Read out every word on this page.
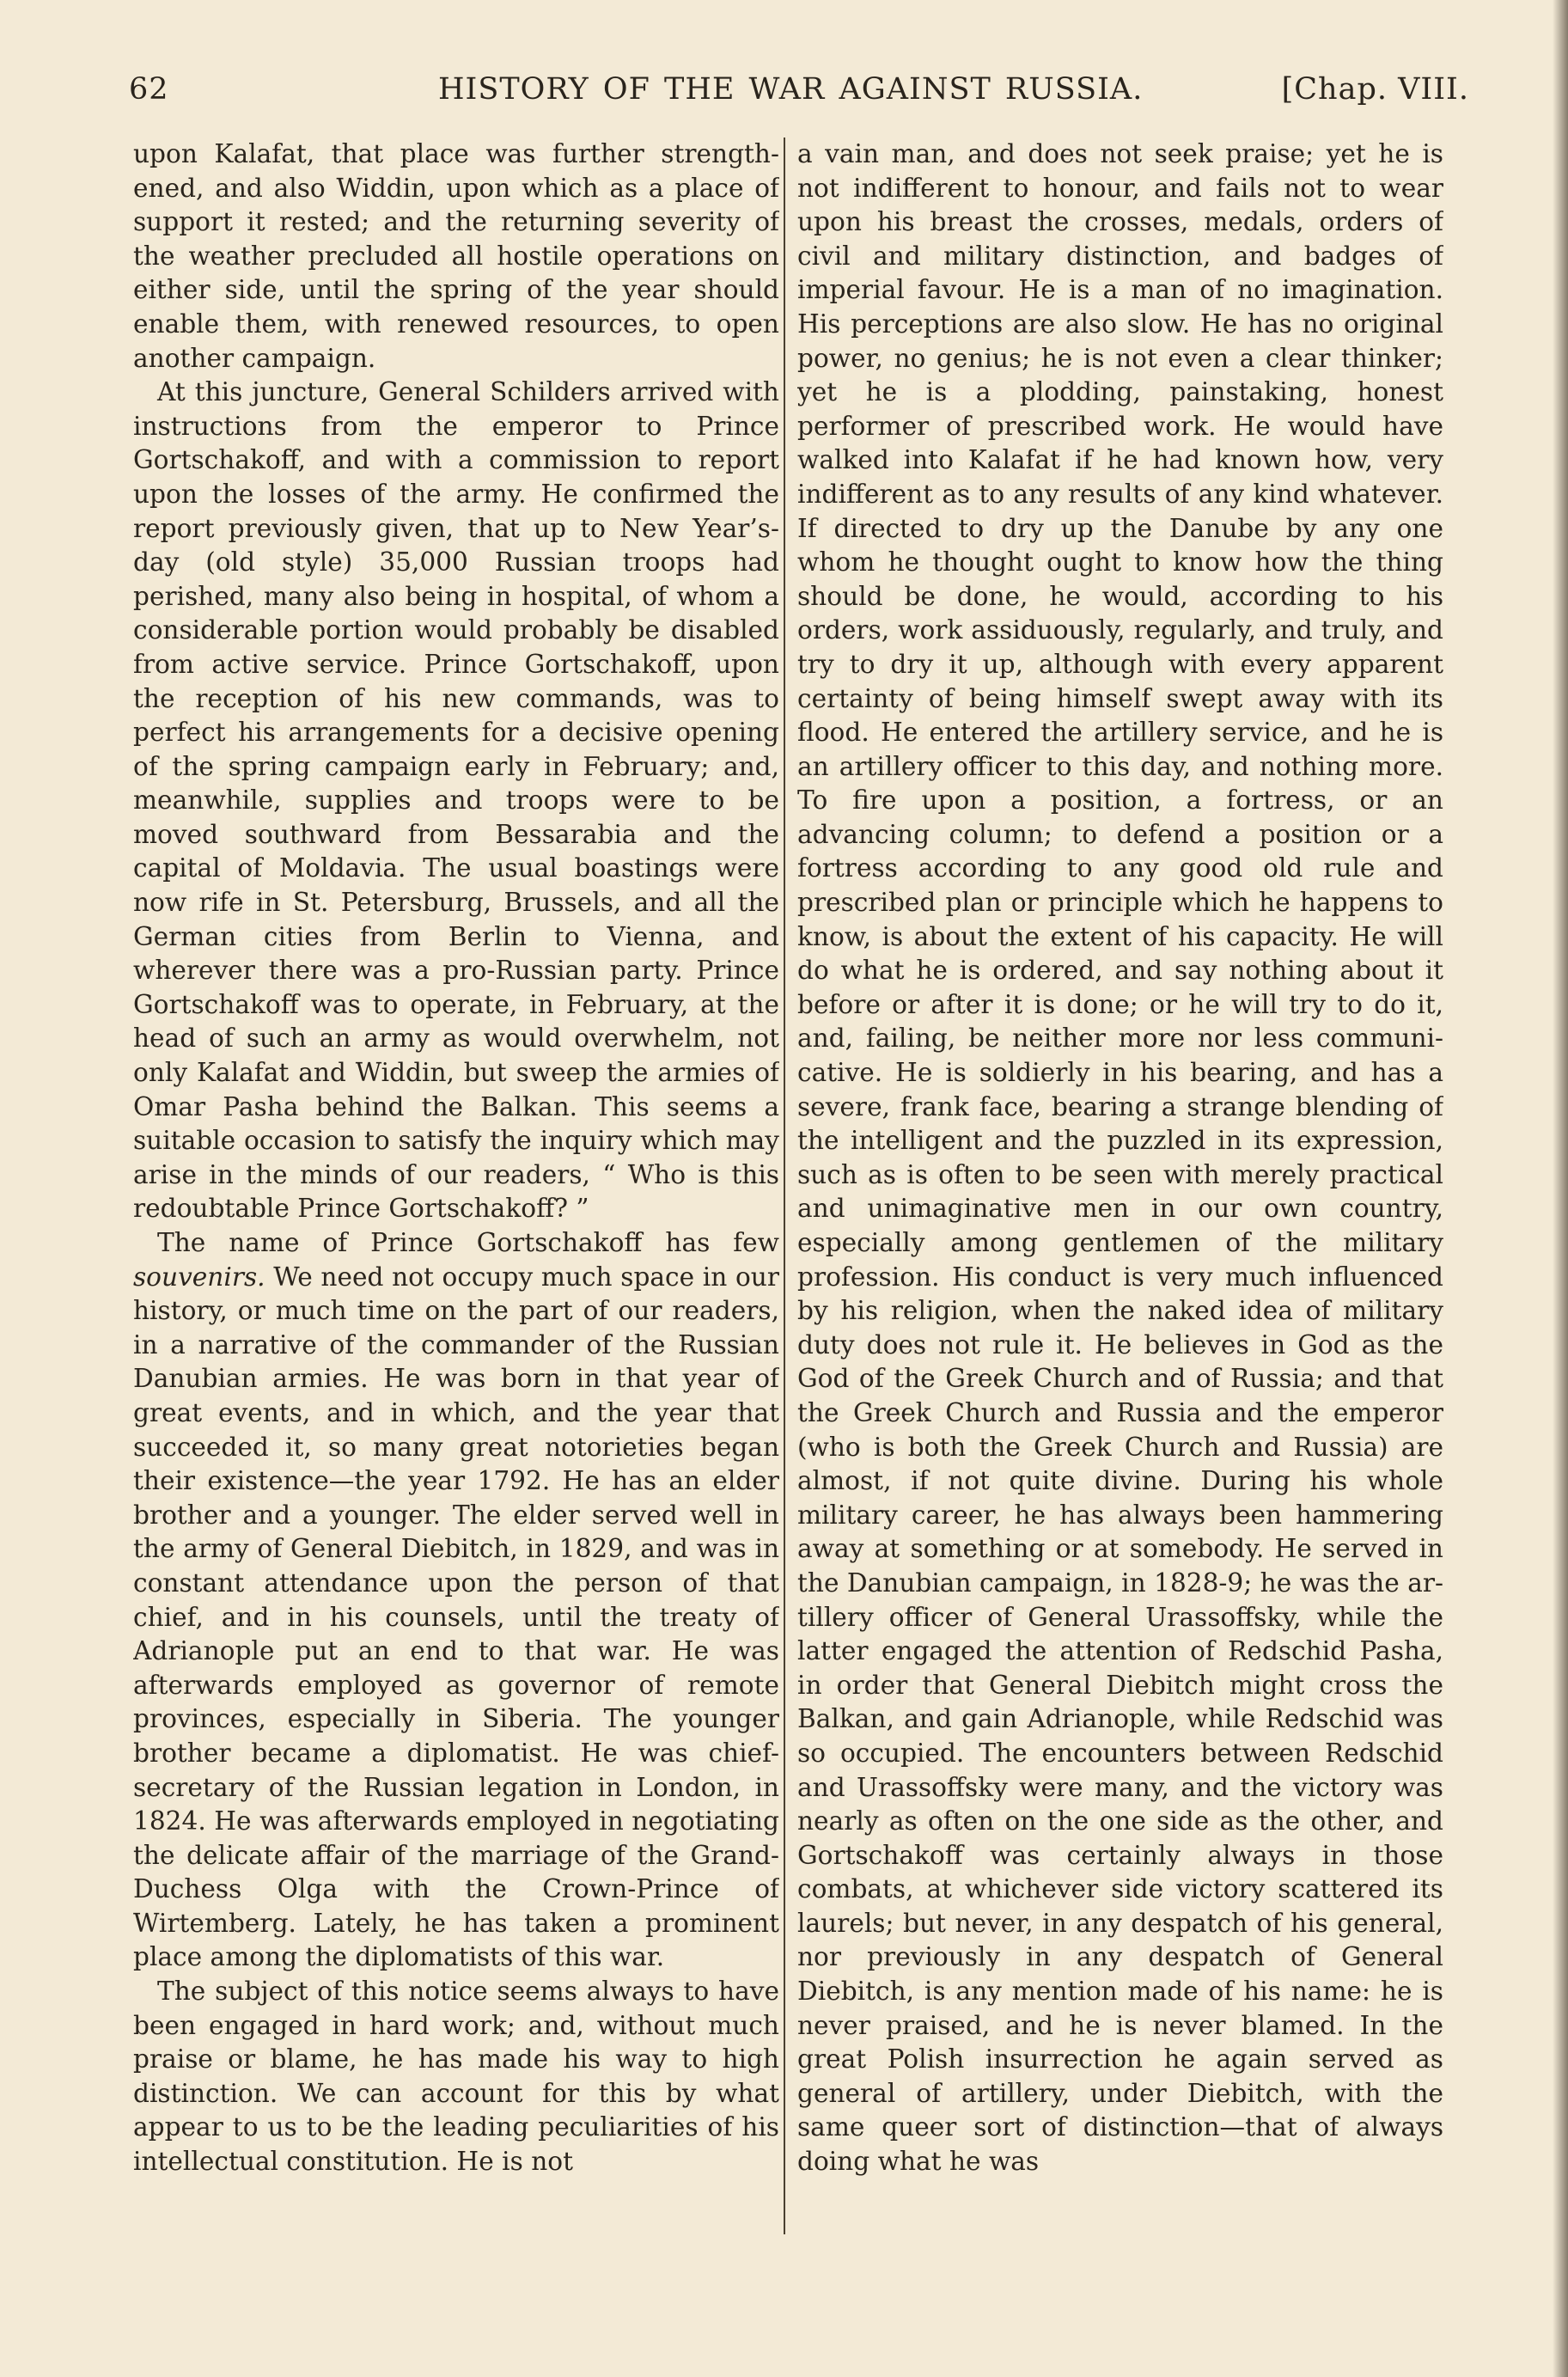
62	HISTORY OF THE WAR AGAINST RUSSIA.	[Chap. VIII.

upon Kalafat, that place was further strengthened, and also Widdin, upon which as a place of support it rested; and the returning severity of the weather precluded all hostile operations on either side, until the spring of the year should enable them, with renewed resources, to open another campaign.

At this juncture, General Schilders arrived with instructions from the emperor to Prince Gortschakoff, and with a commission to report upon the losses of the army. He confirmed the report previously given, that up to New Year’s-day (old style) 35,000 Russian troops had perished, many also being in hospital, of whom a considerable portion would probably be disabled from active service. Prince Gortschakoff, upon the reception of his new commands, was to perfect his arrangements for a decisive opening of the spring campaign early in February; and, meanwhile, supplies and troops were to be moved southward from Bessarabia and the capital of Moldavia. The usual boastings were now rife in St. Petersburg, Brussels, and all the German cities from Berlin to Vienna, and wherever there was a pro-Russian party. Prince Gortschakoff was to operate, in February, at the head of such an army as would overwhelm, not only Kalafat and Widdin, but sweep the armies of Omar Pasha behind the Balkan. This seems a suitable occasion to satisfy the inquiry which may arise in the minds of our readers, “ Who is this redoubtable Prince Gortschakoff? ”

The name of Prince Gortschakoff has few souvenirs. We need not occupy much space in our history, or much time on the part of our readers, in a narrative of the commander of the Russian Danubian armies. He was born in that year of great events, and in which, and the year that succeeded it, so many great notorieties began their existence—the year 1792. He has an elder brother and a younger. The elder served well in the army of General Diebitch, in 1829, and was in constant attendance upon the person of that chief, and in his counsels, until the treaty of Adrianople put an end to that war. He was afterwards employed as governor of remote provinces, especially in Siberia. The younger brother became a diplomatist. He was chief-secretary of the Russian legation in London, in 1824. He was afterwards employed in negotiating the delicate affair of the marriage of the Grand-Duchess Olga with the Crown-Prince of Wirtemberg. Lately, he has taken a prominent place among the diplomatists of this war.

The subject of this notice seems always to have been engaged in hard work; and, without much praise or blame, he has made his way to high distinction. We can account for this by what appear to us to be the leading peculiarities of his intellectual constitution. He is not

a vain man, and does not seek praise; yet he is not indifferent to honour, and fails not to wear upon his breast the crosses, medals, orders of civil and military distinction, and badges of imperial favour. He is a man of no imagination. His perceptions are also slow. He has no original power, no genius; he is not even a clear thinker; yet he is a plodding, painstaking, honest performer of prescribed work. He would have walked into Kalafat if he had known how, very indifferent as to any results of any kind whatever. If directed to dry up the Danube by any one whom he thought ought to know how the thing should be done, he would, according to his orders, work assiduously, regularly, and truly, and try to dry it up, although with every apparent certainty of being himself swept away with its flood. He entered the artillery service, and he is an artillery officer to this day, and nothing more. To fire upon a position, a fortress, or an advancing column; to defend a position or a fortress according to any good old rule and prescribed plan or principle which he happens to know, is about the extent of his capacity. He will do what he is ordered, and say nothing about it before or after it is done; or he will try to do it, and, failing, be neither more nor less communicative. He is soldierly in his bearing, and has a severe, frank face, bearing a strange blending of the intelligent and the puzzled in its expression, such as is often to be seen with merely practical and unimaginative men in our own country, especially among gentlemen of the military profession. His conduct is very much influenced by his religion, when the naked idea of military duty does not rule it. He believes in God as the God of the Greek Church and of Russia; and that the Greek Church and Russia and the emperor (who is both the Greek Church and Russia) are almost, if not quite divine. During his whole military career, he has always been hammering away at something or at somebody. He served in the Danubian campaign, in 1828-9; he was the artillery officer of General Urassoffsky, while the latter engaged the attention of Redschid Pasha, in order that General Diebitch might cross the Balkan, and gain Adrianople, while Redschid was so occupied. The encounters between Redschid and Urassoffsky were many, and the victory was nearly as often on the one side as the other, and Gortschakoff was certainly always in those combats, at whichever side victory scattered its laurels; but never, in any despatch of his general, nor previously in any despatch of General Diebitch, is any mention made of his name: he is never praised, and he is never blamed. In the great Polish insurrection he again served as general of artillery, under Diebitch, with the same queer sort of distinction—that of always doing what he was
